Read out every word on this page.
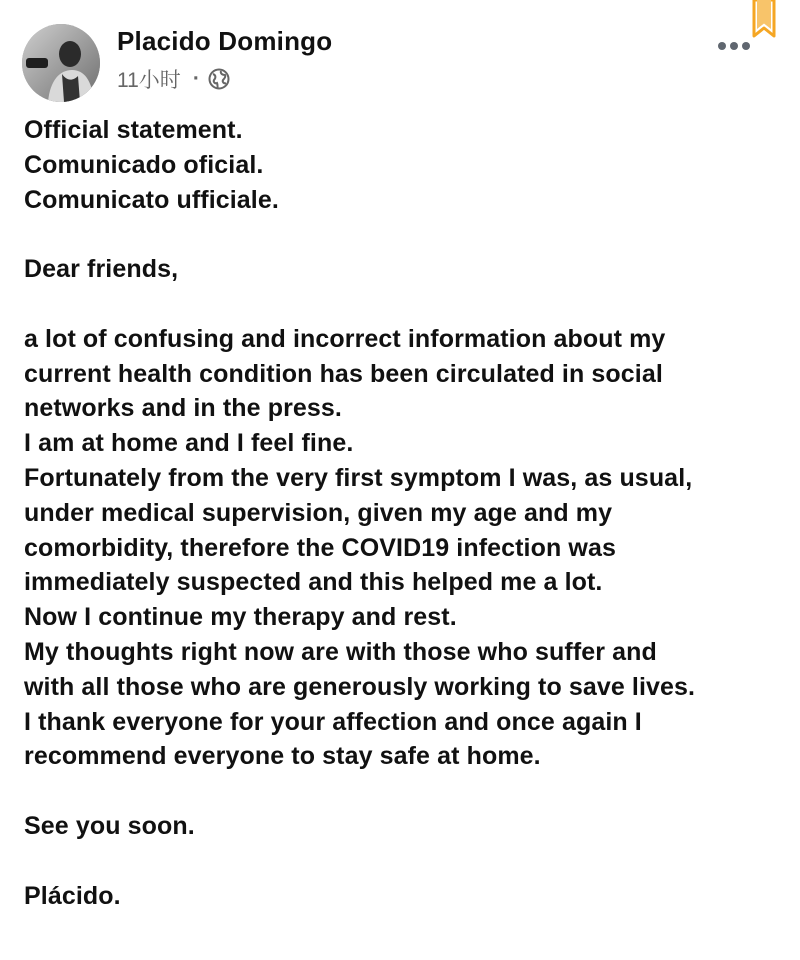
Placido Domingo
11小时 ·
Official statement.
Comunicado oficial.
Comunicato ufficiale.
Dear friends,
a lot of confusing and incorrect information about my
current health condition has been circulated in social
networks and in the press.
I am at home and I feel fine.
Fortunately from the very first symptom I was, as usual,
under medical supervision, given my age and my
comorbidity, therefore the COVID19 infection was
immediately suspected and this helped me a lot.
Now I continue my therapy and rest.
My thoughts right now are with those who suffer and
with all those who are generously working to save lives.
I thank everyone for your affection and once again I
recommend everyone to stay safe at home.
See you soon.
Plácido.
